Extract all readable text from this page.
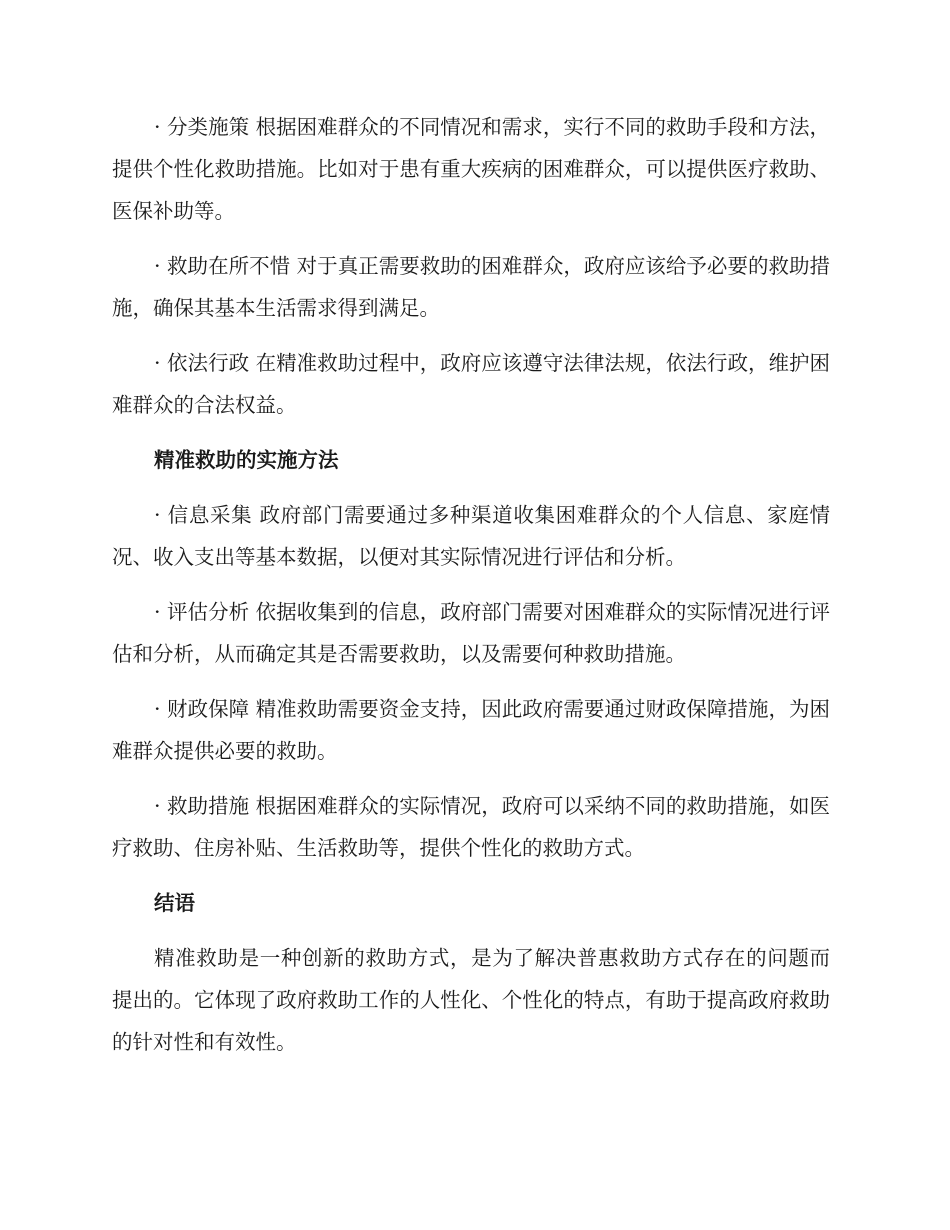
· 分类施策 根据困难群众的不同情况和需求，实行不同的救助手段和方法，提供个性化救助措施。比如对于患有重大疾病的困难群众，可以提供医疗救助、医保补助等。

· 救助在所不惜 对于真正需要救助的困难群众，政府应该给予必要的救助措施，确保其基本生活需求得到满足。

· 依法行政 在精准救助过程中，政府应该遵守法律法规，依法行政，维护困难群众的合法权益。

精准救助的实施方法

· 信息采集 政府部门需要通过多种渠道收集困难群众的个人信息、家庭情况、收入支出等基本数据，以便对其实际情况进行评估和分析。

· 评估分析 依据收集到的信息，政府部门需要对困难群众的实际情况进行评估和分析，从而确定其是否需要救助，以及需要何种救助措施。

· 财政保障 精准救助需要资金支持，因此政府需要通过财政保障措施，为困难群众提供必要的救助。

· 救助措施 根据困难群众的实际情况，政府可以采纳不同的救助措施，如医疗救助、住房补贴、生活救助等，提供个性化的救助方式。

结语

精准救助是一种创新的救助方式，是为了解决普惠救助方式存在的问题而提出的。它体现了政府救助工作的人性化、个性化的特点，有助于提高政府救助的针对性和有效性。
